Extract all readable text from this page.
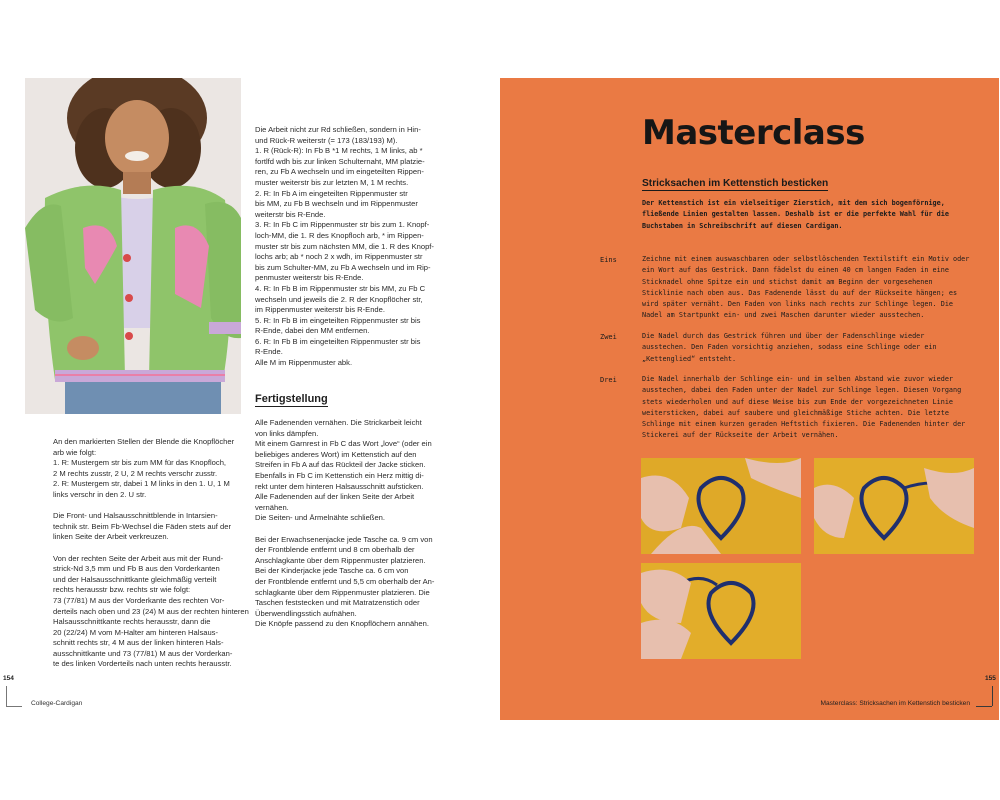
An den markierten Stellen der Blende die Knopflöcher

arb wie folgt:

1. R: Mustergem str bis zum MM für das Knopfloch,

2 M rechts zusstr, 2 U, 2 M rechts verschr zusstr.

2. R: Mustergem str, dabei 1 M links in den 1. U, 1 M

links verschr in den 2. U str.

Die Front- und Halsausschnittblende in Intarsien-

technik str. Beim Fb-Wechsel die Fäden stets auf der

linken Seite der Arbeit verkreuzen.

Von der rechten Seite der Arbeit aus mit der Rund-

strick-Nd 3,5 mm und Fb B aus den Vorderkanten

und der Halsausschnittkante gleichmäßig verteilt

rechts herausstr bzw. rechts str wie folgt:

73 (77/81) M aus der Vorderkante des rechten Vor-

derteils nach oben und 23 (24) M aus der rechten hinteren

Halsausschnittkante rechts herausstr, dann die

20 (22/24) M vom M-Halter am hinteren Halsaus-

schnitt rechts str, 4 M aus der linken hinteren Hals-

ausschnittkante und 73 (77/81) M aus der Vorderkan-

te des linken Vorderteils nach unten rechts herausstr.

Die Arbeit nicht zur Rd schließen, sondern in Hin-

und Rück-R weiterstr (= 173 (183/193) M).

1. R (Rück-R): In Fb B *1 M rechts, 1 M links, ab *

fortlfd wdh bis zur linken Schulternaht, MM platzie-

ren, zu Fb A wechseln und im eingeteilten Rippen-

muster weiterstr bis zur letzten M, 1 M rechts.

2. R: In Fb A im eingeteilten Rippenmuster str

bis MM, zu Fb B wechseln und im Rippenmuster

weiterstr bis R-Ende.

3. R: In Fb C im Rippenmuster str bis zum 1. Knopf-

loch-MM, die 1. R des Knopfloch arb, * im Rippen-

muster str bis zum nächsten MM, die 1. R des Knopf-

lochs arb; ab * noch 2 x wdh, im Rippenmuster str

bis zum Schulter-MM, zu Fb A wechseln und im Rip-

penmuster weiterstr bis R-Ende.

4. R: In Fb B im Rippenmuster str bis MM, zu Fb C

wechseln und jeweils die 2. R der Knopflöcher str,

im Rippenmuster weiterstr bis R-Ende.

5. R: In Fb B im eingeteilten Rippenmuster str bis

R-Ende, dabei den MM entfernen.

6. R: In Fb B im eingeteilten Rippenmuster str bis

R-Ende.

Alle M im Rippenmuster abk.

Fertigstellung

Alle Fadenenden vernähen. Die Strickarbeit leicht

von links dämpfen.

Mit einem Garnrest in Fb C das Wort „love“ (oder ein

beliebiges anderes Wort) im Kettenstich auf den

Streifen in Fb A auf das Rückteil der Jacke sticken.

Ebenfalls in Fb C im Kettenstich ein Herz mittig di-

rekt unter dem hinteren Halsausschnitt aufsticken.

Alle Fadenenden auf der linken Seite der Arbeit

vernähen.

Die Seiten- und Ärmelnähte schließen.

Bei der Erwachsenenjacke jede Tasche ca. 9 cm von

der Frontblende entfernt und 8 cm oberhalb der

Anschlagkante über dem Rippenmuster platzieren.

Bei der Kinderjacke jede Tasche ca. 6 cm von

der Frontblende entfernt und 5,5 cm oberhalb der An-

schlagkante über dem Rippenmuster platzieren. Die

Taschen feststecken und mit Matratzenstich oder

Überwendlingsstich aufnähen.

Die Knöpfe passend zu den Knopflöchern annähen.

154
College-Cardigan
Masterclass
Stricksachen im Kettenstich besticken
Der Kettenstich ist ein vielseitiger Zierstich, mit dem sich bogenförnige, fließende Linien gestalten lassen. Deshalb ist er die perfekte Wahl für die Buchstaben in Schreibschrift auf diesen Cardigan.
Eins	Zeichne mit einem auswaschbaren oder selbstlöschenden Textilstift ein Motiv oder ein Wort auf das Gestrick. Dann fädelst du einen 40 cm langen Faden in eine Sticknadel ohne Spitze ein und stichst damit am Beginn der vorgesehenen Sticklinie nach oben aus. Das Fadenende lässt du auf der Rückseite hängen; es wird später vernäht. Den Faden von links nach rechts zur Schlinge legen. Die Nadel am Startpunkt ein- und zwei Maschen darunter wieder ausstechen.
Zwei	Die Nadel durch das Gestrick führen und über der Fadenschlinge wieder ausstechen. Den Faden vorsichtig anziehen, sodass eine Schlinge oder ein „Kettenglied“ entsteht.
Drei	Die Nadel innerhalb der Schlinge ein- und im selben Abstand wie zuvor wieder ausstechen, dabei den Faden unter der Nadel zur Schlinge legen. Diesen Vorgang stets wiederholen und auf diese Weise bis zum Ende der vorgezeichneten Linie weitersticken, dabei auf saubere und gleichmäßige Stiche achten. Die letzte Schlinge mit einem kurzen geraden Heftstich fixieren. Die Fadenenden hinter der Stickerei auf der Rückseite der Arbeit vernähen.
155
Masterclass: Stricksachen im Kettenstich besticken
